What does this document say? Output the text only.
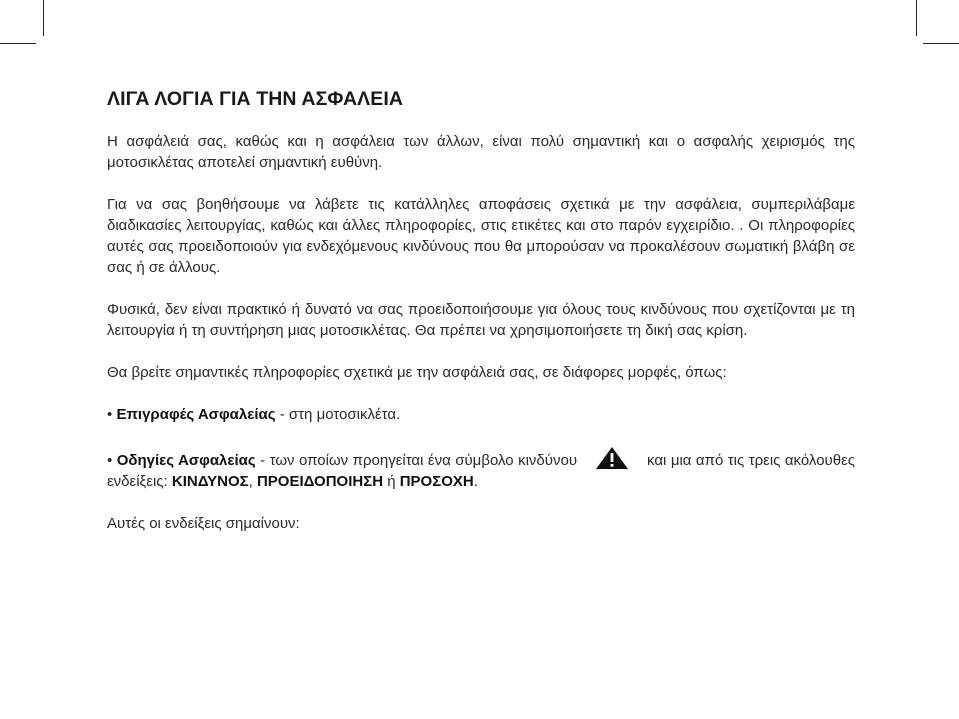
ΛΙΓΑ ΛΟΓΙΑ ΓΙΑ ΤΗΝ ΑΣΦΑΛΕΙΑ

Η ασφάλειά σας, καθώς και η ασφάλεια των άλλων, είναι πολύ σημαντική και ο ασφαλής χειρισμός της μοτοσικλέτας αποτελεί σημαντική ευθύνη.

Για να σας βοηθήσουμε να λάβετε τις κατάλληλες αποφάσεις σχετικά με την ασφάλεια, συμπεριλάβαμε διαδικασίες λειτουργίας, καθώς και άλλες πληροφορίες, στις ετικέτες και στο παρόν εγχειρίδιο. . Οι πληροφορίες αυτές σας προειδοποιούν για ενδεχόμενους κινδύνους που θα μπορούσαν να προκαλέσουν σωματική βλάβη σε σας ή σε άλλους.

Φυσικά, δεν είναι πρακτικό ή δυνατό να σας προειδοποιήσουμε για όλους τους κινδύνους που σχετίζονται με τη λειτουργία ή τη συντήρηση μιας μοτοσικλέτας. Θα πρέπει να χρησιμοποιήσετε τη δική σας κρίση.

Θα βρείτε σημαντικές πληροφορίες σχετικά με την ασφάλειά σας, σε διάφορες μορφές, όπως:

• Επιγραφές Ασφαλείας - στη μοτοσικλέτα.

• Οδηγίες Ασφαλείας - των οποίων προηγείται ένα σύμβολο κινδύνου	και μια από τις τρεις ακόλουθες ενδείξεις: ΚΙΝΔΥΝΟΣ, ΠΡΟΕΙΔΟΠΟΙΗΣΗ ή ΠΡΟΣΟΧΗ.

Αυτές οι ενδείξεις σημαίνουν:
